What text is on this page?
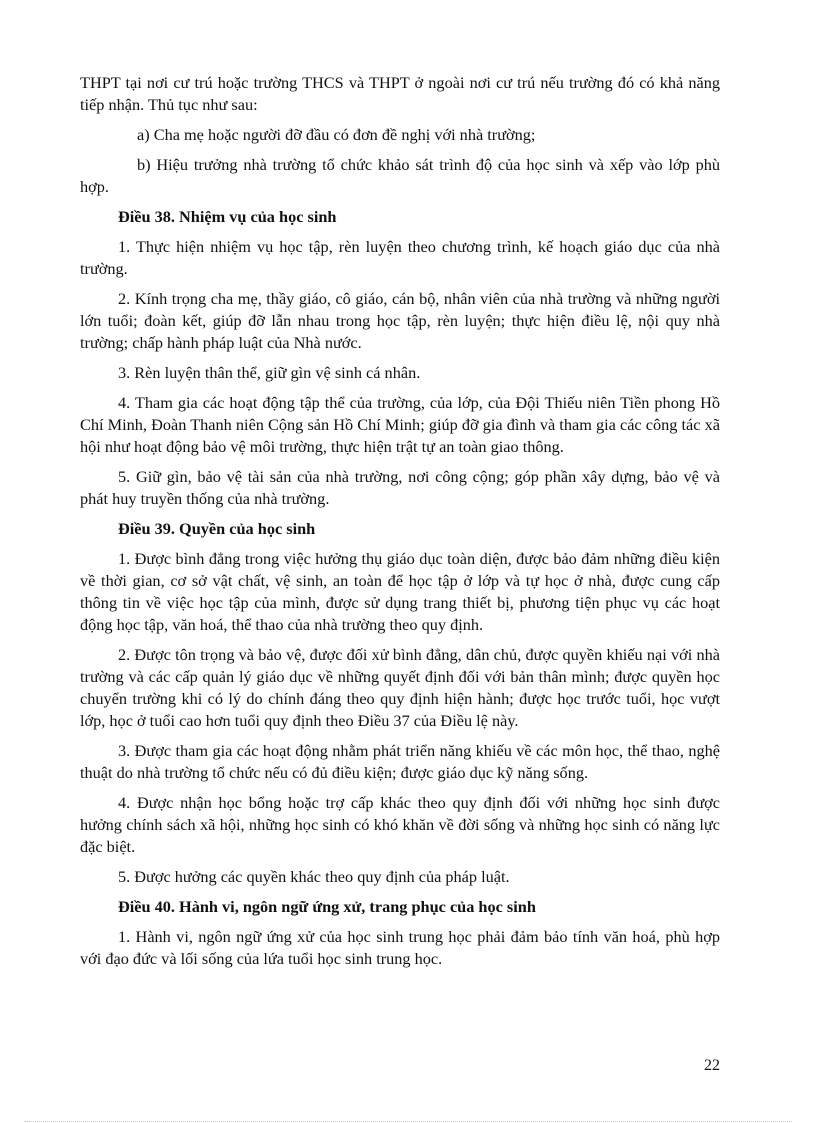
THPT tại nơi cư trú hoặc trường THCS và THPT ở ngoài nơi cư trú nếu trường đó có khả năng tiếp nhận. Thủ tục như sau:

a) Cha mẹ hoặc người đỡ đầu có đơn đề nghị với nhà trường;

b) Hiệu trưởng nhà trường tổ chức khảo sát trình độ của học sinh và xếp vào lớp phù hợp.

Điều 38. Nhiệm vụ của học sinh

1. Thực hiện nhiệm vụ học tập, rèn luyện theo chương trình, kế hoạch giáo dục của nhà trường.

2. Kính trọng cha mẹ, thầy giáo, cô giáo, cán bộ, nhân viên của nhà trường và những người lớn tuổi; đoàn kết, giúp đỡ lẫn nhau trong học tập, rèn luyện; thực hiện điều lệ, nội quy nhà trường; chấp hành pháp luật của Nhà nước.

3. Rèn luyện thân thể, giữ gìn vệ sinh cá nhân.

4. Tham gia các hoạt động tập thể của trường, của lớp, của Đội Thiếu niên Tiền phong Hồ Chí Minh, Đoàn Thanh niên Cộng sản Hồ Chí Minh; giúp đỡ gia đình và tham gia các công tác xã hội như hoạt động bảo vệ môi trường, thực hiện trật tự an toàn giao thông.

5. Giữ gìn, bảo vệ tài sản của nhà trường, nơi công cộng; góp phần xây dựng, bảo vệ và phát huy truyền thống của nhà trường.

Điều 39. Quyền của học sinh

1. Được bình đẳng trong việc hưởng thụ giáo dục toàn diện, được bảo đảm những điều kiện về thời gian, cơ sở vật chất, vệ sinh, an toàn để học tập ở lớp và tự học ở nhà, được cung cấp thông tin về việc học tập của mình, được sử dụng trang thiết bị, phương tiện phục vụ các hoạt động học tập, văn hoá, thể thao của nhà trường theo quy định.

2. Được tôn trọng và bảo vệ, được đối xử bình đẳng, dân chủ, được quyền khiếu nại với nhà trường và các cấp quản lý giáo dục về những quyết định đối với bản thân mình; được quyền học chuyển trường khi có lý do chính đáng theo quy định hiện hành; được học trước tuổi, học vượt lớp, học ở tuổi cao hơn tuổi quy định theo Điều 37 của Điều lệ này.

3. Được tham gia các hoạt động nhằm phát triển năng khiếu về các môn học, thể thao, nghệ thuật do nhà trường tổ chức nếu có đủ điều kiện; được giáo dục kỹ năng sống.

4. Được nhận học bổng hoặc trợ cấp khác theo quy định đối với những học sinh được hưởng chính sách xã hội, những học sinh có khó khăn về đời sống và những học sinh có năng lực đặc biệt.

5. Được hưởng các quyền khác theo quy định của pháp luật.

Điều 40. Hành vi, ngôn ngữ ứng xử, trang phục của học sinh

1. Hành vi, ngôn ngữ ứng xử của học sinh trung học phải đảm bảo tính văn hoá, phù hợp với đạo đức và lối sống của lứa tuổi học sinh trung học.

22
